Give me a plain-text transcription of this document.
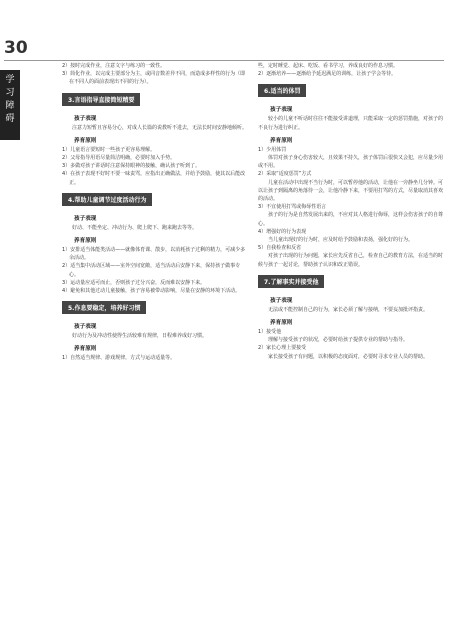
30
学
习
障
碍

2）按时完成作业，注意文字与练习的一致性。

3）简化作业，以完成主要部分为主，或同音数差异不同，而造成多样性的行为（即在不同人的面前表现出不同的行为）。

3.言语指导直接简短精要
孩子表现

注意力短暂且容易分心，对成人长篇的说教听不进去，无法长时间安静地倾听。

养育原则

1）儿童语言要短时一些孩子更容易理解。

2）父母指导用语尽量简洁明确，必要时加入手势。

3）多做对孩子讲话时注意保持眼神的接触，确认孩子听到了。

4）在孩子表现不好时不要一味责骂，应指出正确做法，并给予鼓励，使其以后能改正。

4.帮助儿童调节过度活动行为
孩子表现

好动、不能坐定、冲动行为、爬上爬下、跑来跑去等等。

养育原则

1）安排适当体能类活动——就像体育课、散步，以消耗孩子过剩的精力，可减少多余活动。

2）适当集中活动区域——室外空间宽敞，适当活动后安静下来，保持孩子做事专心。

3）运动量应适可而止，否则孩子过分兴奋，反而难以安静下来。

4）避免和其他过动儿童接触，孩子容易被带动影响，尽量在安静的环境下活动。

5.作息要稳定，培养好习惯
孩子表现

好动行为及冲动性使得生活较难有规律，日程难养成好习惯。

养育原则

1）自然适当规律、游戏规律，方式与运动适量等。

些，定时睡觉、起床、吃饭、看书学习，养成良好的作息习惯。

2）逐渐培养——逐渐给予延迟满足的训练，让孩子学会等待。

6.适当的体罚
孩子表现

较小的儿童不听话时往往不能接受讲道理，只能采取一定的惩罚措施，对孩子的不良行为进行纠正。

养育原则

1）少用体罚

体罚对孩子身心伤害较大，且效果不持久，孩子体罚后很快又会犯，应尽量少用或不用。

2）采取“适度惩罚”方式

儿童在活动中出现不当行为时，可以暂停他的活动，让他在一旁静坐几分钟。可以让孩子到隔离的角落待一会，让他冷静下来，不要用打骂的方式，尽量取消其喜欢的活动。

3）不宜使用打骂或侮辱性语言

孩子的行为是自然发展出来的，不应对其人格进行侮辱，这样会伤害孩子的自尊心。

4）增强好的行为表现

当儿童出现好的行为时，应及时给予鼓励和表扬，强化好的行为。

5）自我检查和反省

对孩子出现的行为问题，家长应先反省自己，检查自己的教育方法，在适当的时候与孩子一起讨论，帮助孩子认识和改正错误。

7.了解事实并接受他
孩子表现

无法或不能控制自己的行为，家长必须了解与接纳，不要妄加批评指责。

养育原则

1）接受他

理解与接受孩子的状况，必要时给孩子提供专业的帮助与指导。

2）家长心理上要接受

家长接受孩子有问题，以积极的态度面对，必要时寻求专业人员的帮助。
